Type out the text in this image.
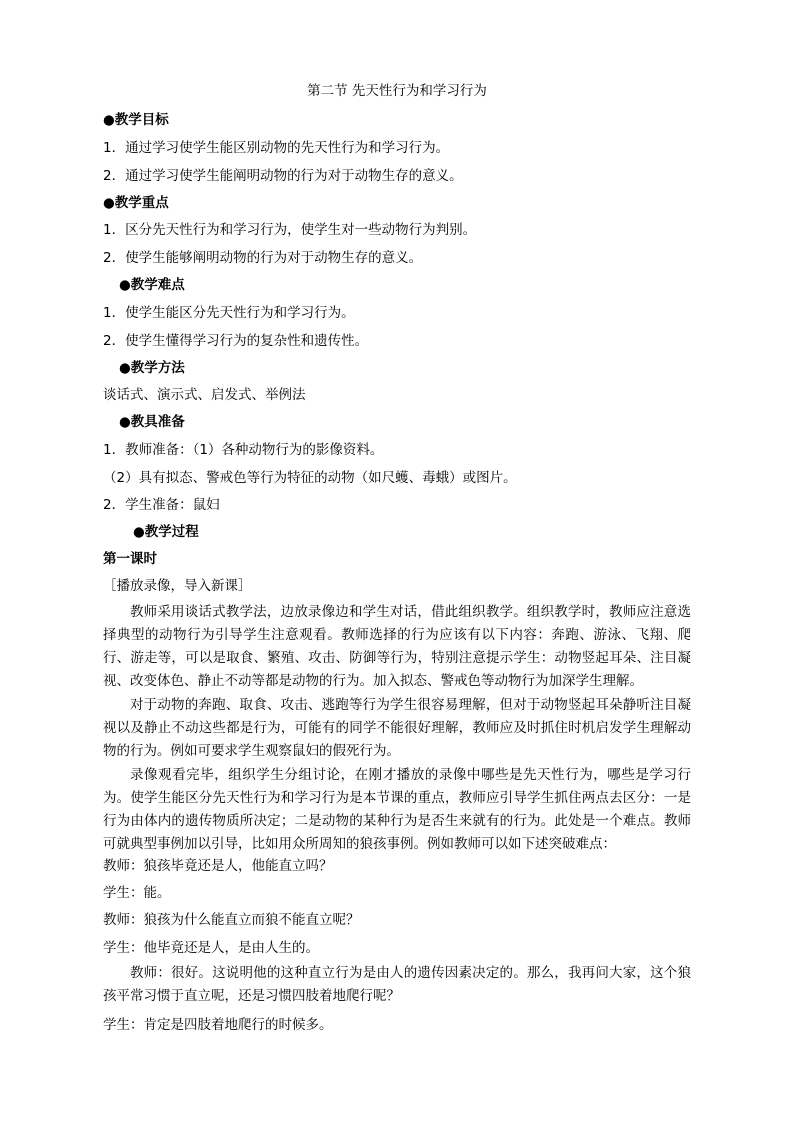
第二节 先天性行为和学习行为
●教学目标
1．通过学习使学生能区别动物的先天性行为和学习行为。
2．通过学习使学生能阐明动物的行为对于动物生存的意义。
●教学重点
1．区分先天性行为和学习行为，使学生对一些动物行为判别。
2．使学生能够阐明动物的行为对于动物生存的意义。
●教学难点
1．使学生能区分先天性行为和学习行为。
2．使学生懂得学习行为的复杂性和遗传性。
●教学方法
谈话式、演示式、启发式、举例法
●教具准备
1．教师准备：（1）各种动物行为的影像资料。
（2）具有拟态、警戒色等行为特征的动物（如尺蠖、毒蛾）或图片。
2．学生准备：鼠妇
●教学过程
第一课时
［播放录像，导入新课］
教师采用谈话式教学法，边放录像边和学生对话，借此组织教学。组织教学时，教师应注意选择典型的动物行为引导学生注意观看。教师选择的行为应该有以下内容：奔跑、游泳、飞翔、爬行、游走等，可以是取食、繁殖、攻击、防御等行为，特别注意提示学生：动物竖起耳朵、注目凝视、改变体色、静止不动等都是动物的行为。加入拟态、警戒色等动物行为加深学生理解。
对于动物的奔跑、取食、攻击、逃跑等行为学生很容易理解，但对于动物竖起耳朵静听注目凝视以及静止不动这些都是行为，可能有的同学不能很好理解，教师应及时抓住时机启发学生理解动物的行为。例如可要求学生观察鼠妇的假死行为。
录像观看完毕，组织学生分组讨论，在刚才播放的录像中哪些是先天性行为，哪些是学习行为。使学生能区分先天性行为和学习行为是本节课的重点，教师应引导学生抓住两点去区分：一是行为由体内的遗传物质所决定；二是动物的某种行为是否生来就有的行为。此处是一个难点。教师可就典型事例加以引导，比如用众所周知的狼孩事例。例如教师可以如下述突破难点：
教师：狼孩毕竟还是人，他能直立吗？
学生：能。
教师：狼孩为什么能直立而狼不能直立呢？
学生：他毕竟还是人，是由人生的。
教师：很好。这说明他的这种直立行为是由人的遗传因素决定的。那么，我再问大家，这个狼孩平常习惯于直立呢，还是习惯四肢着地爬行呢？
学生：肯定是四肢着地爬行的时候多。
